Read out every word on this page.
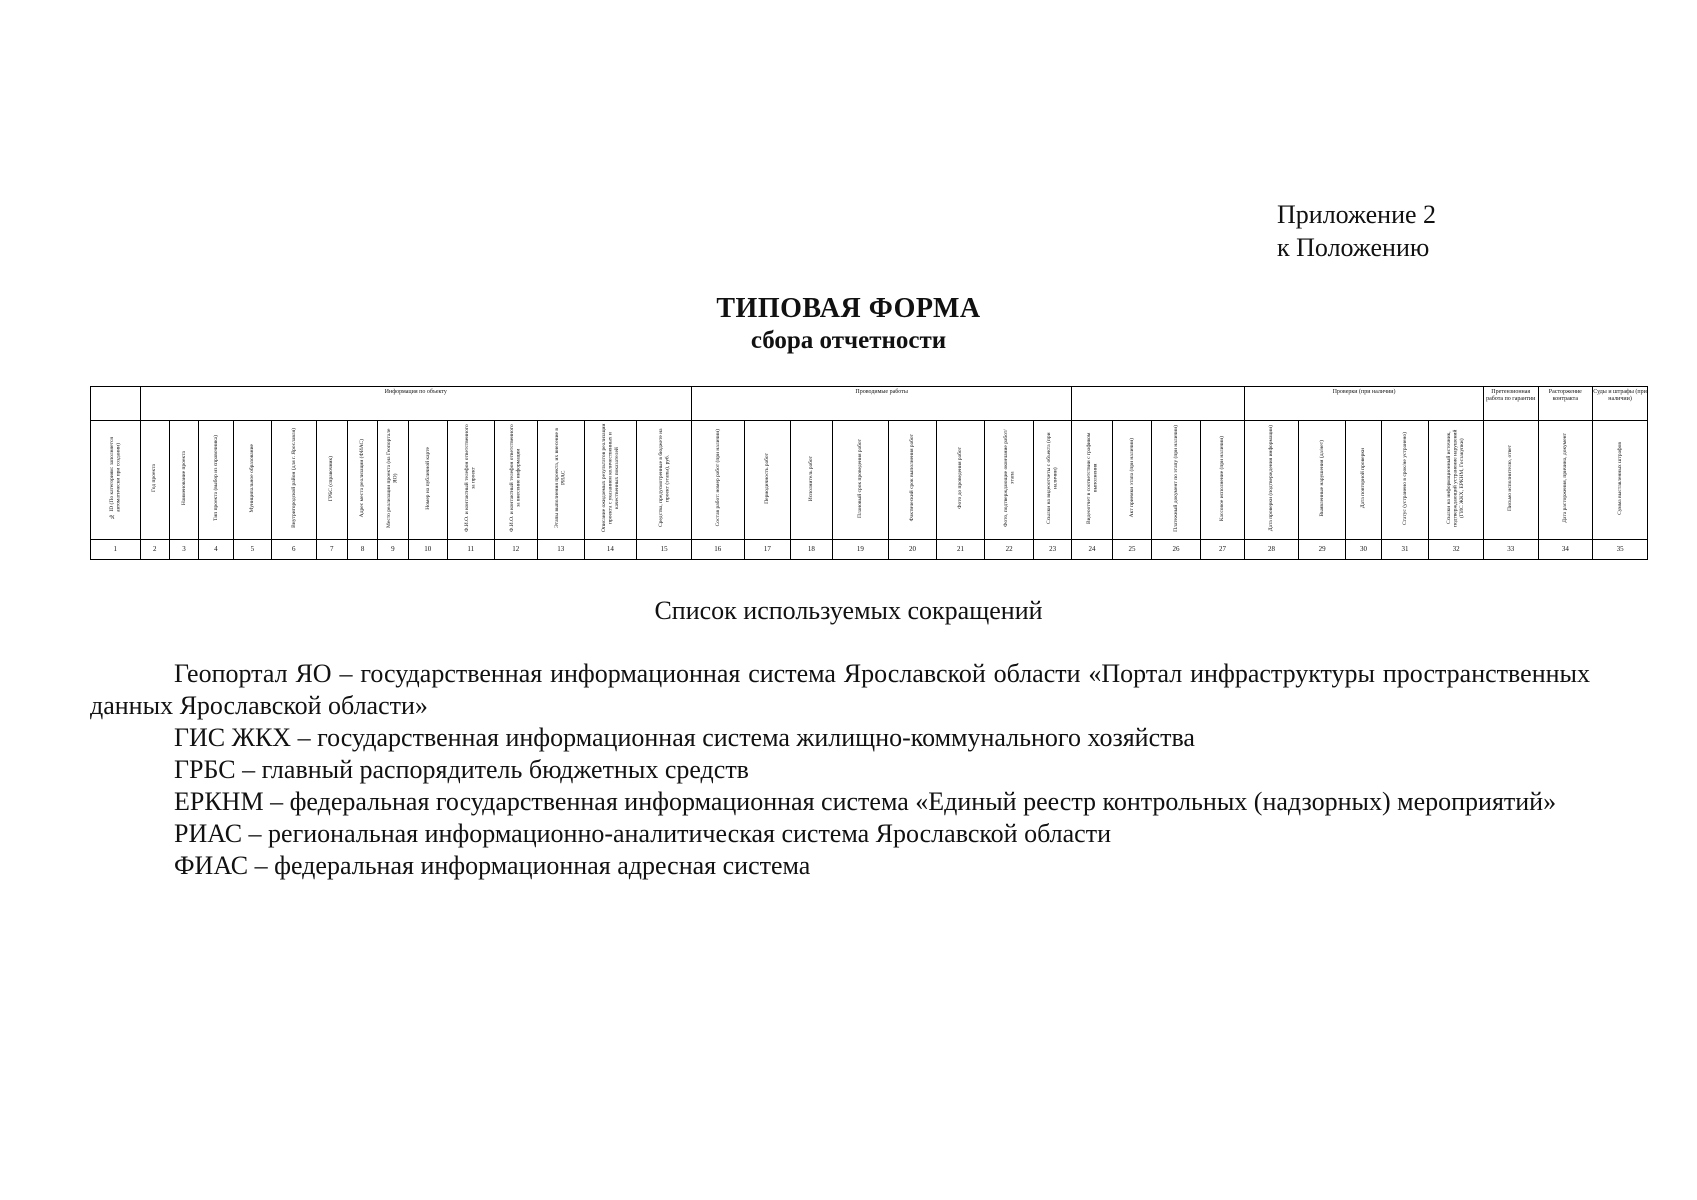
Приложение 2
к Положению
ТИПОВАЯ ФОРМА
сбора отчетности
	Информация по объекту														Проводимые работы												Проверки (при наличии)					Претензионная работа по гарантии	Расторжение контракта	Суды и штрафы (при наличии)
№ ID (По категориям: заполняется автоматически при создании)	Год проекта	Наименование проекта	Тип проекта (выбор из справочника)	Муниципальное образование	Внутригородской район (для г. Ярославля)	ГРБС (справочник)	Адрес места реализации (ФИАС)	Место реализации проекта (на Геопортале ЯО)	Номер на публичной карте	Ф.И.О. и контактный телефон ответственного за проект	Ф.И.О. и контактный телефон ответственного за внесение информации	Этапы выполнения проекта, их внесение в РИАС	Описание ожидаемых результатов реализации проекта с указанием количественных и качественных показателей	Средства, предусмотренные в бюджете на проект (этапы), руб.	Состав работ: номер работ (при наличии)	Периодичность работ	Исполнитель работ	Плановый срок проведения работ	Фактический срок выполнения работ	Фото до проведения работ	Фото, подтверждающие окончание работ/этапа	Ссылки на видеоотчеты с объекта (при наличии)	Видеоотчет в соответствии с графиком выполнения	Акт приемки этапа (при наличии)	Платежный документ по этапу (при наличии)	Кассовое исполнение (при наличии)	Дата проверки (подтверждения информации)	Выявленные нарушения (да/нет)	Дата повторной проверки	Статус (устранено в срок/не устранено)	Ссылки на информационный источник, подтверждающий устранение нарушений (ГИС ЖКХ, ЕРКНМ, Госзакупки)	Письмо исполнителю, ответ	Дата расторжения, причина, документ	Сумма выставленных штрафов
1	2	3	4	5	6	7	8	9	10	11	12	13	14	15	16	17	18	19	20	21	22	23	24	25	26	27	28	29	30	31	32	33	34	35
Список используемых сокращений

Геопортал ЯО – государственная информационная система Ярославской области «Портал инфраструктуры пространственных данных Ярославской области»

ГИС ЖКХ – государственная информационная система жилищно-коммунального хозяйства

ГРБС – главный распорядитель бюджетных средств

ЕРКНМ – федеральная государственная информационная система «Единый реестр контрольных (надзорных) мероприятий»

РИАС – региональная информационно-аналитическая система Ярославской области

ФИАС – федеральная информационная адресная система
